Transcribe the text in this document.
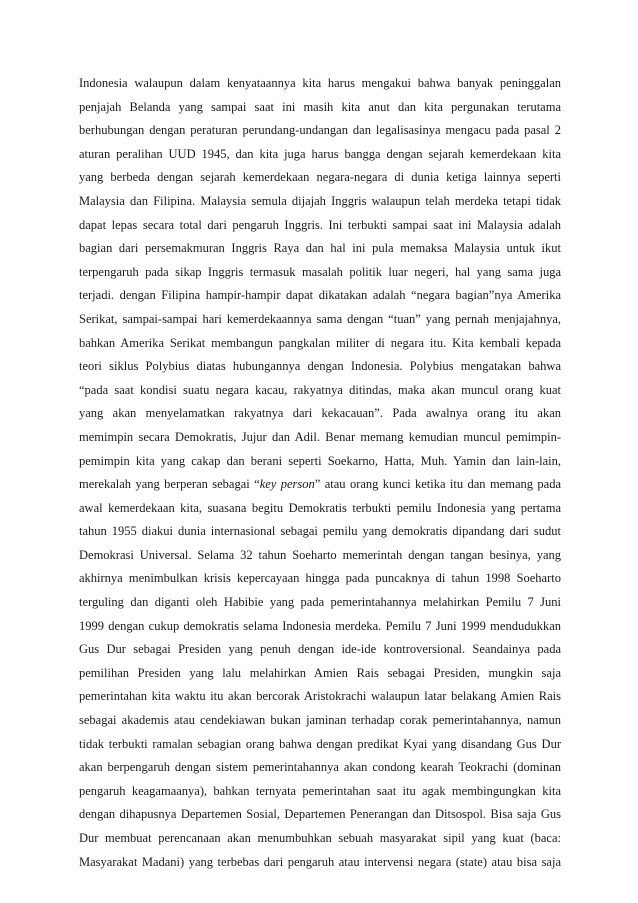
Indonesia walaupun dalam kenyataannya kita harus mengakui bahwa banyak peninggalan
penjajah Belanda yang sampai saat ini masih kita anut dan kita pergunakan terutama
berhubungan dengan peraturan perundang-undangan dan legalisasinya mengacu pada pasal 2
aturan peralihan UUD 1945, dan kita juga harus bangga dengan sejarah kemerdekaan kita
yang berbeda dengan sejarah kemerdekaan negara-negara di dunia ketiga lainnya seperti
Malaysia dan Filipina. Malaysia semula dijajah Inggris walaupun telah merdeka tetapi tidak
dapat lepas secara total dari pengaruh Inggris. Ini terbukti sampai saat ini Malaysia adalah
bagian dari persemakmuran Inggris Raya dan hal ini pula memaksa Malaysia untuk ikut
terpengaruh pada sikap Inggris termasuk masalah politik luar negeri, hal yang sama juga
terjadi. dengan Filipina hampir-hampir dapat dikatakan adalah “negara bagian”nya Amerika
Serikat, sampai-sampai hari kemerdekaannya sama dengan “tuan” yang pernah menjajahnya,
bahkan Amerika Serikat membangun pangkalan militer di negara itu. Kita kembali kepada
teori siklus Polybius diatas hubungannya dengan Indonesia. Polybius mengatakan bahwa
“pada saat kondisi suatu negara kacau, rakyatnya ditindas, maka akan muncul orang kuat
yang akan menyelamatkan rakyatnya dari kekacauan”. Pada awalnya orang itu akan
memimpin secara Demokratis, Jujur dan Adil. Benar memang kemudian muncul pemimpin-
pemimpin kita yang cakap dan berani seperti Soekarno, Hatta, Muh. Yamin dan lain-lain,
merekalah yang berperan sebagai “key person” atau orang kunci ketika itu dan memang pada
awal kemerdekaan kita, suasana begitu Demokratis terbukti pemilu Indonesia yang pertama
tahun 1955 diakui dunia internasional sebagai pemilu yang demokratis dipandang dari sudut
Demokrasi Universal. Selama 32 tahun Soeharto memerintah dengan tangan besinya, yang
akhirnya menimbulkan krisis kepercayaan hingga pada puncaknya di tahun 1998 Soeharto
terguling dan diganti oleh Habibie yang pada pemerintahannya melahirkan Pemilu 7 Juni
1999 dengan cukup demokratis selama Indonesia merdeka. Pemilu 7 Juni 1999 mendudukkan
Gus Dur sebagai Presiden yang penuh dengan ide-ide kontroversional. Seandainya pada
pemilihan Presiden yang lalu melahirkan Amien Rais sebagai Presiden, mungkin saja
pemerintahan kita waktu itu akan bercorak Aristokrachi walaupun latar belakang Amien Rais
sebagai akademis atau cendekiawan bukan jaminan terhadap corak pemerintahannya, namun
tidak terbukti ramalan sebagian orang bahwa dengan predikat Kyai yang disandang Gus Dur
akan berpengaruh dengan sistem pemerintahannya akan condong kearah Teokrachi (dominan
pengaruh keagamaanya), bahkan ternyata pemerintahan saat itu agak membingungkan kita
dengan dihapusnya Departemen Sosial, Departemen Penerangan dan Ditsospol. Bisa saja Gus
Dur membuat perencanaan akan menumbuhkan sebuah masyarakat sipil yang kuat (baca:
Masyarakat Madani) yang terbebas dari pengaruh atau intervensi negara (state) atau bisa saja
